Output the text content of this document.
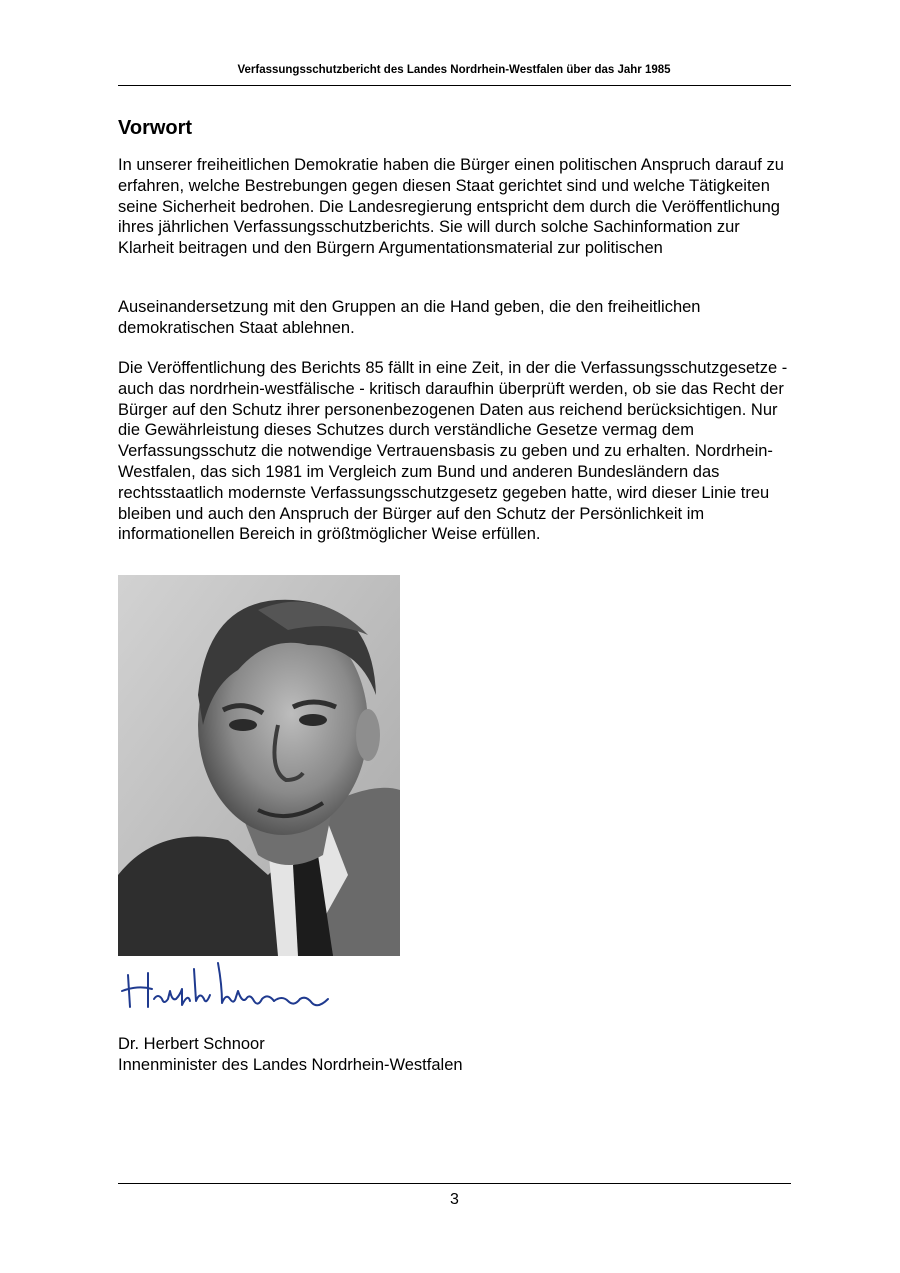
Verfassungsschutzbericht des Landes Nordrhein-Westfalen über das Jahr 1985
Vorwort

In unserer freiheitlichen Demokratie haben die Bürger einen politischen Anspruch darauf zu erfahren, welche Bestrebungen gegen diesen Staat gerichtet sind und welche Tätigkeiten seine Sicherheit bedrohen. Die Landesregierung entspricht dem durch die Veröffentlichung ihres jährlichen Verfassungsschutzberichts. Sie will durch solche Sachinformation zur Klarheit beitragen und den Bürgern Argumentationsmaterial zur politischen

Auseinandersetzung mit den Gruppen an die Hand geben, die den freiheitlichen demokratischen Staat ablehnen.

Die Veröffentlichung des Berichts 85 fällt in eine Zeit, in der die Verfassungsschutzgesetze - auch das nordrhein-westfälische - kritisch daraufhin überprüft werden, ob sie das Recht der Bürger auf den Schutz ihrer personenbezogenen Daten aus reichend berücksichtigen. Nur die Gewährleistung dieses Schutzes durch verständliche Gesetze vermag dem Verfassungsschutz die notwendige Vertrauensbasis zu geben und zu erhalten. Nordrhein-Westfalen, das sich 1981 im Vergleich zum Bund und anderen Bundesländern das rechtsstaatlich modernste Verfassungsschutzgesetz gegeben hatte, wird dieser Linie treu bleiben und auch den Anspruch der Bürger auf den Schutz der Persönlichkeit im informationellen Bereich in größtmöglicher Weise erfüllen.

Dr. Herbert Schnoor

Innenminister des Landes Nordrhein-Westfalen

3
